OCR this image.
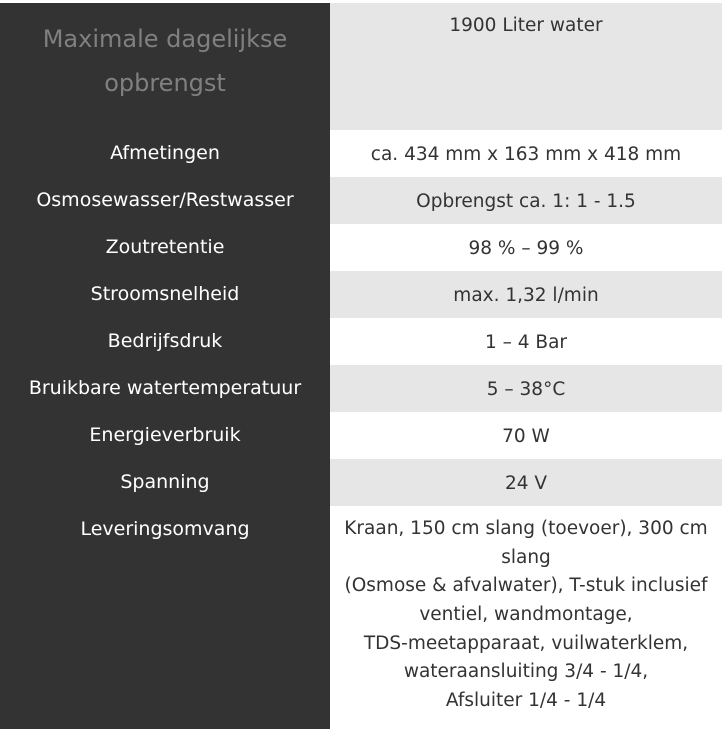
Maximale dagelijkse opbrengst	1900 Liter water

Afmetingen	ca. 434 mm x 163 mm x 418 mm

Osmosewasser/Restwasser	Opbrengst ca. 1: 1 - 1.5

Zoutretentie	98 % – 99 %

Stroomsnelheid	max. 1,32 l/min

Bedrijfsdruk	1 – 4 Bar

Bruikbare watertemperatuur	5 – 38°C

Energieverbruik	70 W

Spanning	24 V

Leveringsomvang	Kraan, 150 cm slang (toevoer), 300 cm slang
(Osmose & afvalwater), T-stuk inclusief ventiel, wandmontage,
TDS-meetapparaat, vuilwaterklem, wateraansluiting 3/4 - 1/4,
Afsluiter 1/4 - 1/4
